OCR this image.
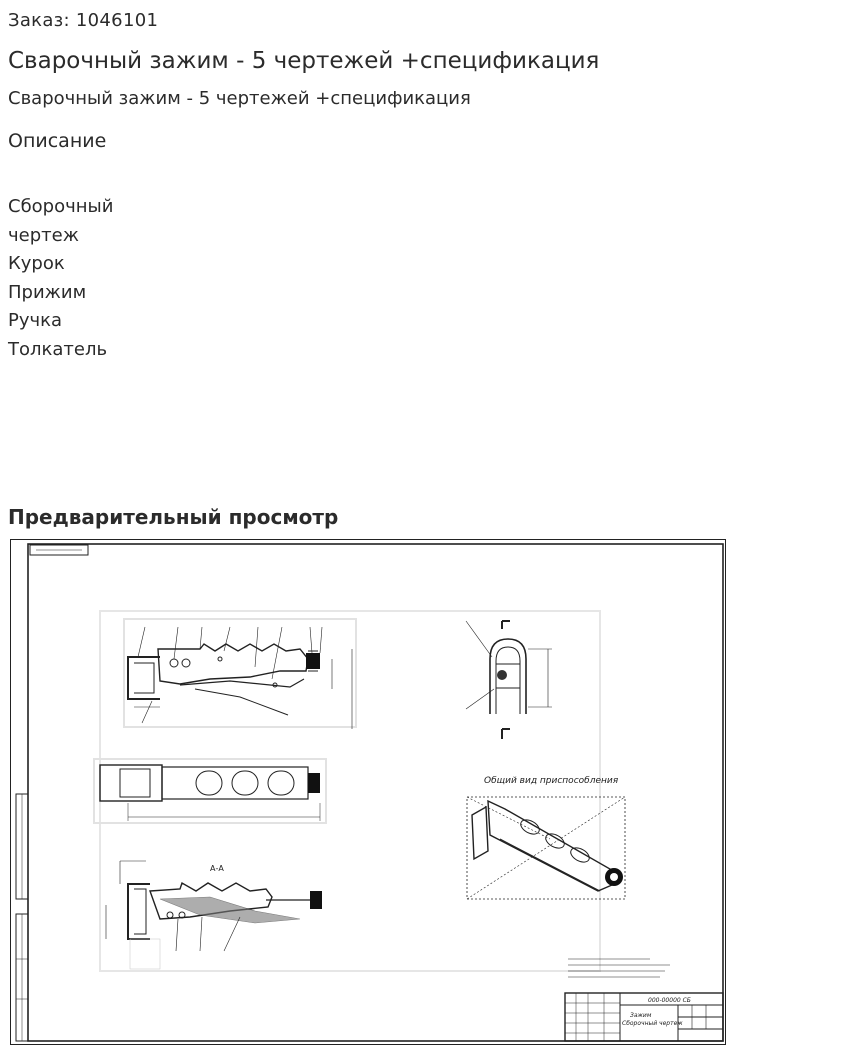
Заказ: 1046101
Сварочный зажим - 5 чертежей +спецификация
Сварочный зажим - 5 чертежей +спецификация
Описание
Сборочный
чертеж
Курок
Прижим
Ручка
Толкатель
Предварительный просмотр
А-А
Общий вид приспособления
000-00000 СБ
Зажим
Сборочный чертеж
